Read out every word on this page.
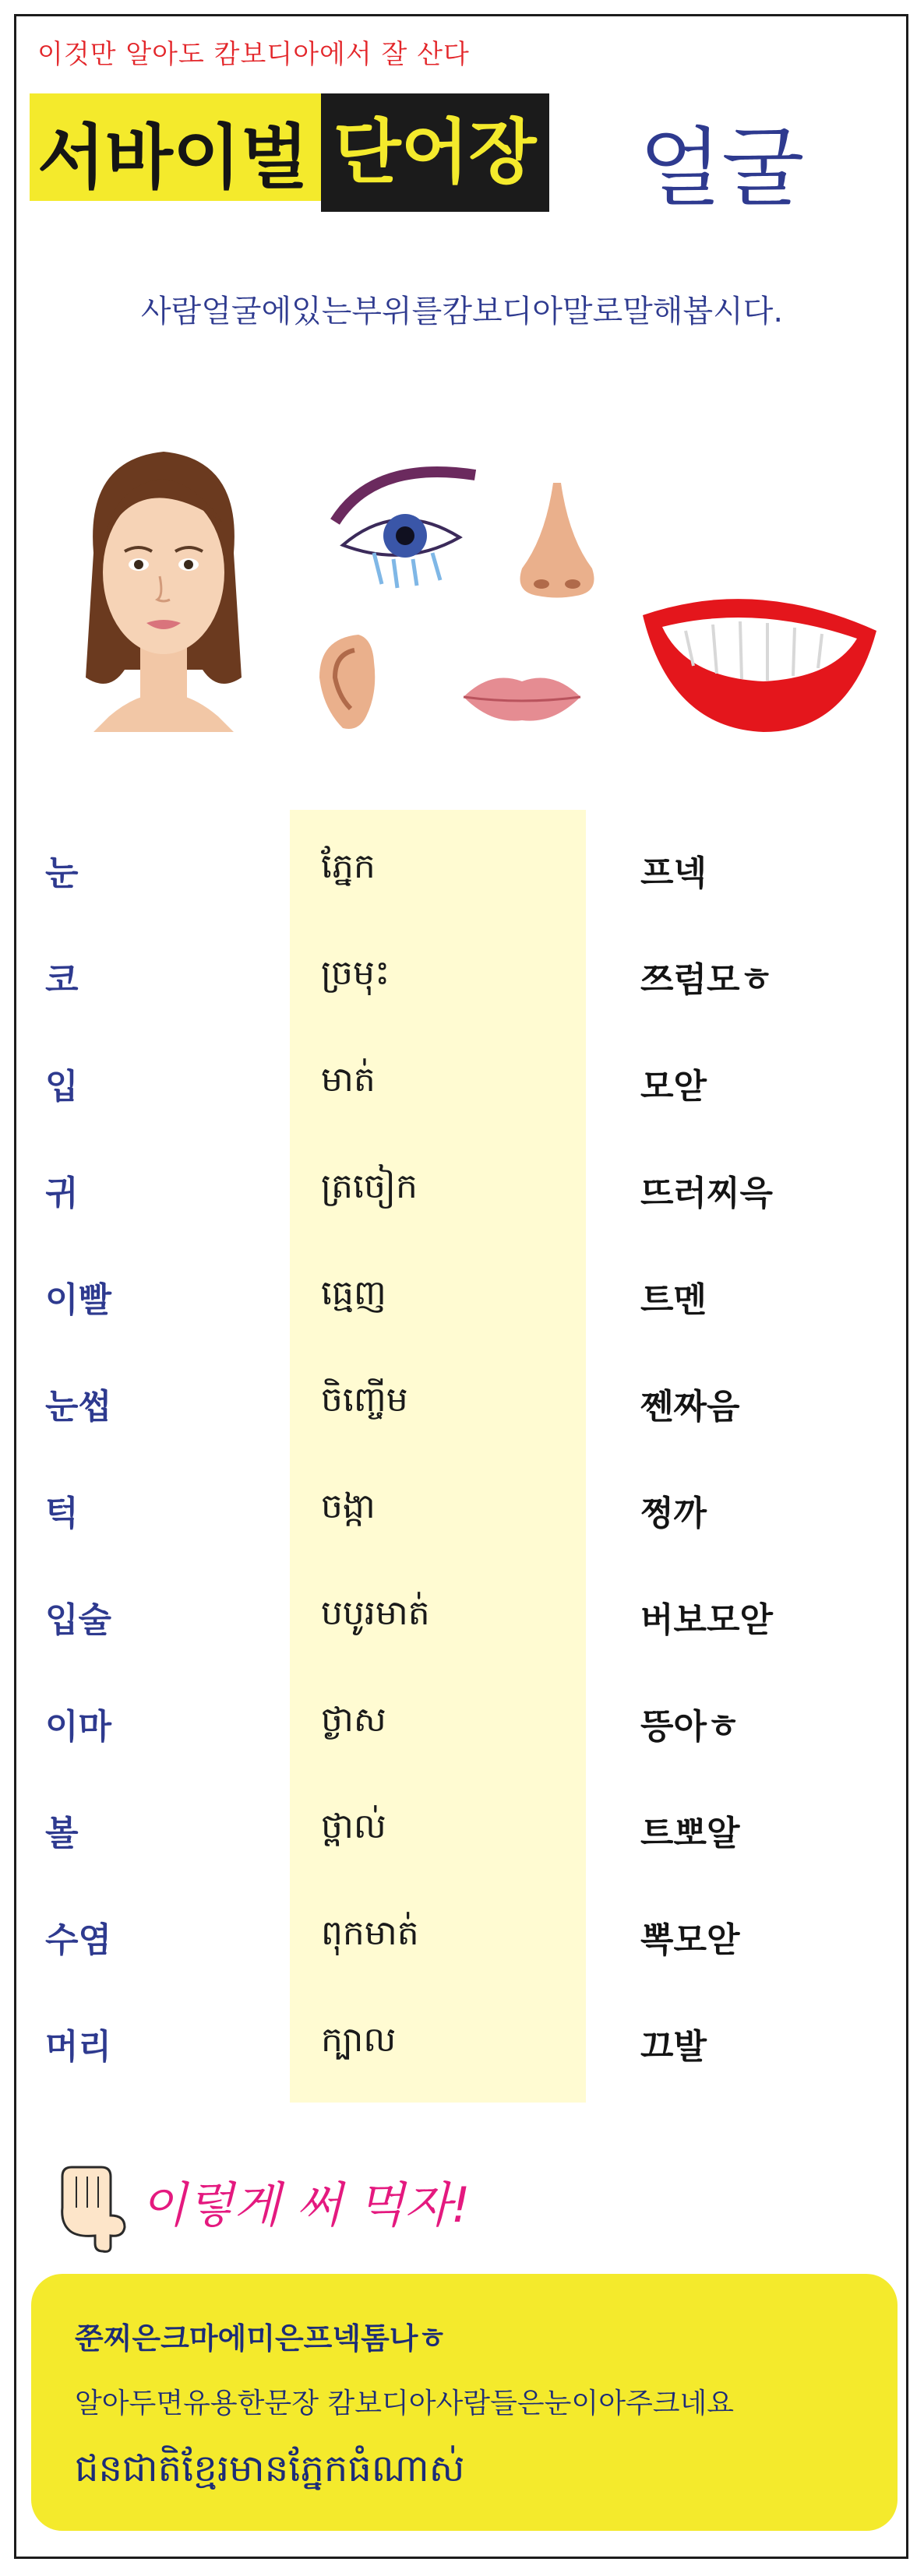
이것만 알아도 캄보디아에서 잘 산다
서바이벌 단어장 얼굴
사람얼굴에있는부위를캄보디아말로말해봅시다.
눈	ភ្នែក	프넥
코	ច្រមុះ	쯔럼모ㅎ
입	មាត់	모앋
귀	ត្រចៀក	뜨러찌윽
이빨	ធ្មេញ	트멘
눈썹	ចិញ្ចើម	쩬짜음
턱	ចង្កា	쩡까
입술	បបូរមាត់	버보모앋
이마	ថ្ងាស	뜽아ㅎ
볼	ថ្ពាល់	트뽀알
수염	ពុកមាត់	뽁모앋
머리	ក្បាល	끄발
이렇게 써 먹자!
쭌찌은크마에미은프넥톰나ㅎ
알아두면유용한문장 캄보디아사람들은눈이아주크네요
ជនជាតិខ្មែរមានភ្នែកធំណាស់
